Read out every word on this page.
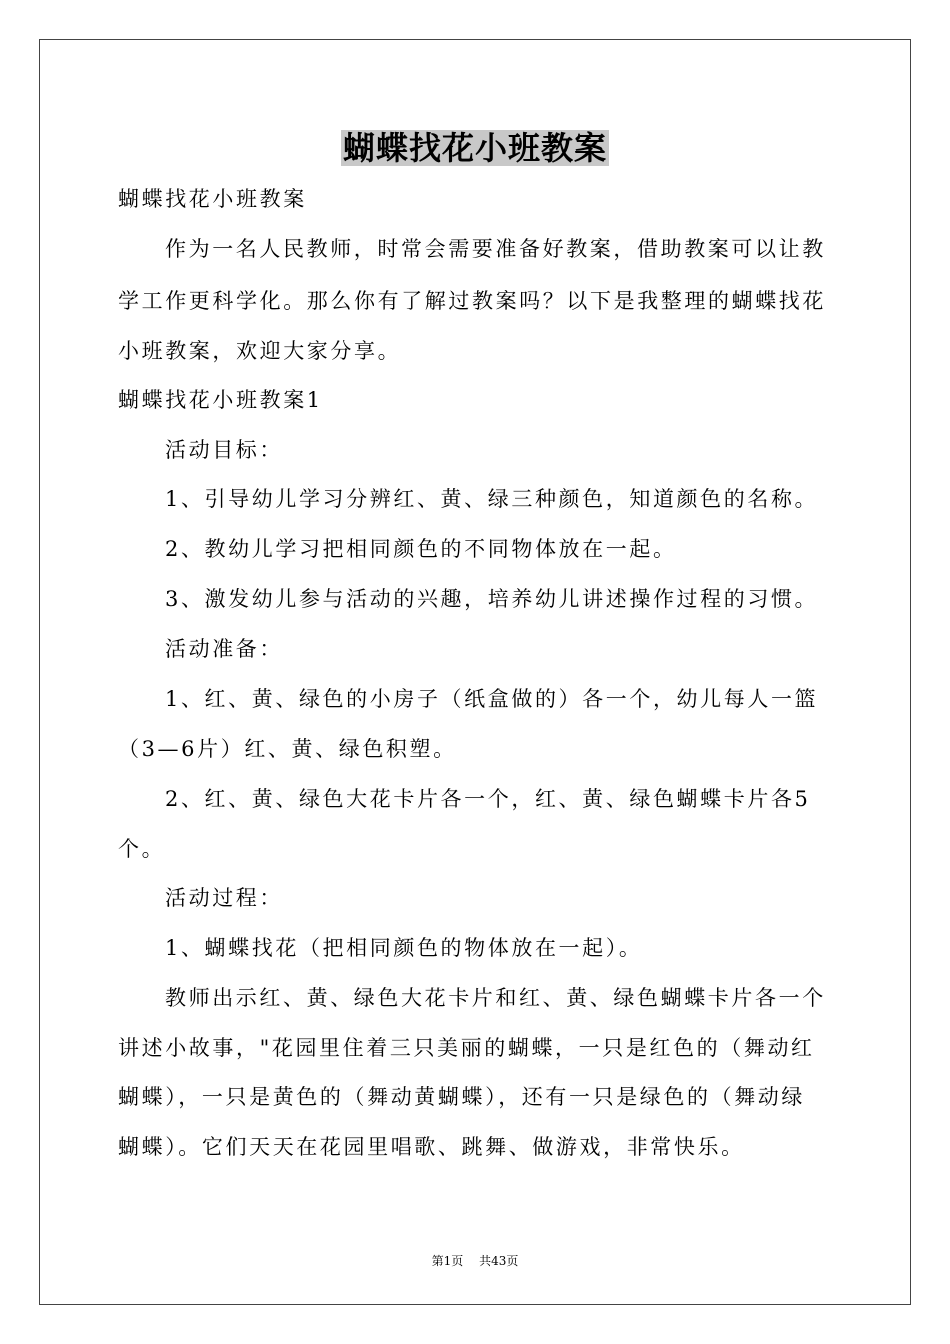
蝴蝶找花小班教案
蝴蝶找花小班教案
作为一名人民教师，时常会需要准备好教案，借助教案可以让教
学工作更科学化。那么你有了解过教案吗？以下是我整理的蝴蝶找花
小班教案，欢迎大家分享。
蝴蝶找花小班教案1
活动目标：
1、引导幼儿学习分辨红、黄、绿三种颜色，知道颜色的名称。
2、教幼儿学习把相同颜色的不同物体放在一起。
3、激发幼儿参与活动的兴趣，培养幼儿讲述操作过程的习惯。
活动准备：
1、红、黄、绿色的小房子（纸盒做的）各一个，幼儿每人一篮
（3—6片）红、黄、绿色积塑。
2、红、黄、绿色大花卡片各一个，红、黄、绿色蝴蝶卡片各5
个。
活动过程：
1、蝴蝶找花（把相同颜色的物体放在一起）。
教师出示红、黄、绿色大花卡片和红、黄、绿色蝴蝶卡片各一个
讲述小故事，"花园里住着三只美丽的蝴蝶，一只是红色的（舞动红
蝴蝶），一只是黄色的（舞动黄蝴蝶），还有一只是绿色的（舞动绿
蝴蝶）。它们天天在花园里唱歌、跳舞、做游戏，非常快乐。
第1页 共43页
